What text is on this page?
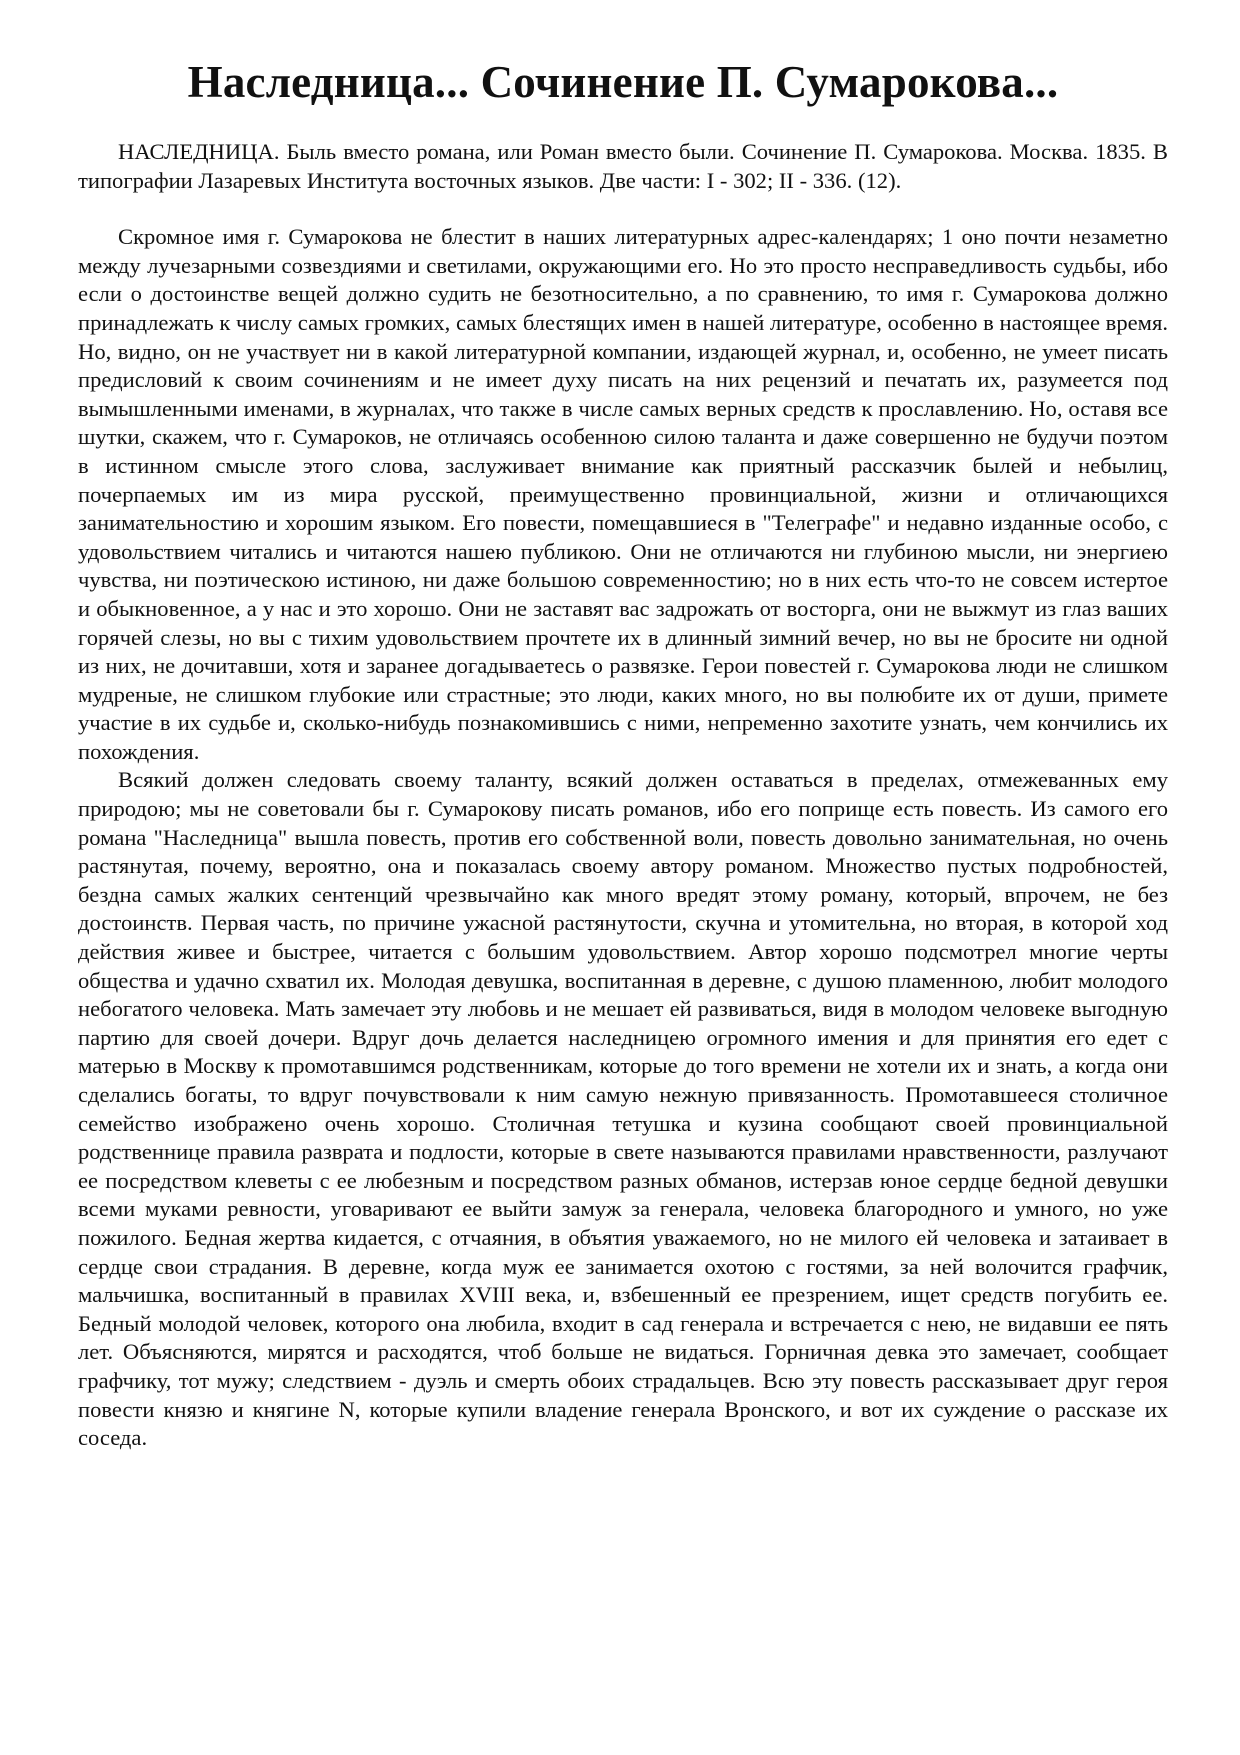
Наследница... Сочинение П. Сумарокова...

НАСЛЕДНИЦА. Быль вместо романа, или Роман вместо были. Сочинение П. Сумарокова. Москва. 1835. В типографии Лазаревых Института восточных языков. Две части: I - 302; II - 336. (12).

Скромное имя г. Сумарокова не блестит в наших литературных адрес-календарях; 1 оно почти незаметно между лучезарными созвездиями и светилами, окружающими его. Но это просто несправедливость судьбы, ибо если о достоинстве вещей должно судить не безотносительно, а по сравнению, то имя г. Сумарокова должно принадлежать к числу самых громких, самых блестящих имен в нашей литературе, особенно в настоящее время. Но, видно, он не участвует ни в какой литературной компании, издающей журнал, и, особенно, не умеет писать предисловий к своим сочинениям и не имеет духу писать на них рецензий и печатать их, разумеется под вымышленными именами, в журналах, что также в числе самых верных средств к прославлению. Но, оставя все шутки, скажем, что г. Сумароков, не отличаясь особенною силою таланта и даже совершенно не будучи поэтом в истинном смысле этого слова, заслуживает внимание как приятный рассказчик былей и небылиц, почерпаемых им из мира русской, преимущественно провинциальной, жизни и отличающихся занимательностию и хорошим языком. Его повести, помещавшиеся в "Телеграфе" и недавно изданные особо, с удовольствием читались и читаются нашею публикою. Они не отличаются ни глубиною мысли, ни энергиею чувства, ни поэтическою истиною, ни даже большою современностию; но в них есть что-то не совсем истертое и обыкновенное, а у нас и это хорошо. Они не заставят вас задрожать от восторга, они не выжмут из глаз ваших горячей слезы, но вы с тихим удовольствием прочтете их в длинный зимний вечер, но вы не бросите ни одной из них, не дочитавши, хотя и заранее догадываетесь о развязке. Герои повестей г. Сумарокова люди не слишком мудреные, не слишком глубокие или страстные; это люди, каких много, но вы полюбите их от души, примете участие в их судьбе и, сколько-нибудь познакомившись с ними, непременно захотите узнать, чем кончились их похождения.

Всякий должен следовать своему таланту, всякий должен оставаться в пределах, отмежеванных ему природою; мы не советовали бы г. Сумарокову писать романов, ибо его поприще есть повесть. Из самого его романа "Наследница" вышла повесть, против его собственной воли, повесть довольно занимательная, но очень растянутая, почему, вероятно, она и показалась своему автору романом. Множество пустых подробностей, бездна самых жалких сентенций чрезвычайно как много вредят этому роману, который, впрочем, не без достоинств. Первая часть, по причине ужасной растянутости, скучна и утомительна, но вторая, в которой ход действия живее и быстрее, читается с большим удовольствием. Автор хорошо подсмотрел многие черты общества и удачно схватил их. Молодая девушка, воспитанная в деревне, с душою пламенною, любит молодого небогатого человека. Мать замечает эту любовь и не мешает ей развиваться, видя в молодом человеке выгодную партию для своей дочери. Вдруг дочь делается наследницею огромного имения и для принятия его едет с матерью в Москву к промотавшимся родственникам, которые до того времени не хотели их и знать, а когда они сделались богаты, то вдруг почувствовали к ним самую нежную привязанность. Промотавшееся столичное семейство изображено очень хорошо. Столичная тетушка и кузина сообщают своей провинциальной родственнице правила разврата и подлости, которые в свете называются правилами нравственности, разлучают ее посредством клеветы с ее любезным и посредством разных обманов, истерзав юное сердце бедной девушки всеми муками ревности, уговаривают ее выйти замуж за генерала, человека благородного и умного, но уже пожилого. Бедная жертва кидается, с отчаяния, в объятия уважаемого, но не милого ей человека и затаивает в сердце свои страдания. В деревне, когда муж ее занимается охотою с гостями, за ней волочится графчик, мальчишка, воспитанный в правилах XVIII века, и, взбешенный ее презрением, ищет средств погубить ее. Бедный молодой человек, которого она любила, входит в сад генерала и встречается с нею, не видавши ее пять лет. Объясняются, мирятся и расходятся, чтоб больше не видаться. Горничная девка это замечает, сообщает графчику, тот мужу; следствием - дуэль и смерть обоих страдальцев. Всю эту повесть рассказывает друг героя повести князю и княгине N, которые купили владение генерала Вронского, и вот их суждение о рассказе их соседа.
